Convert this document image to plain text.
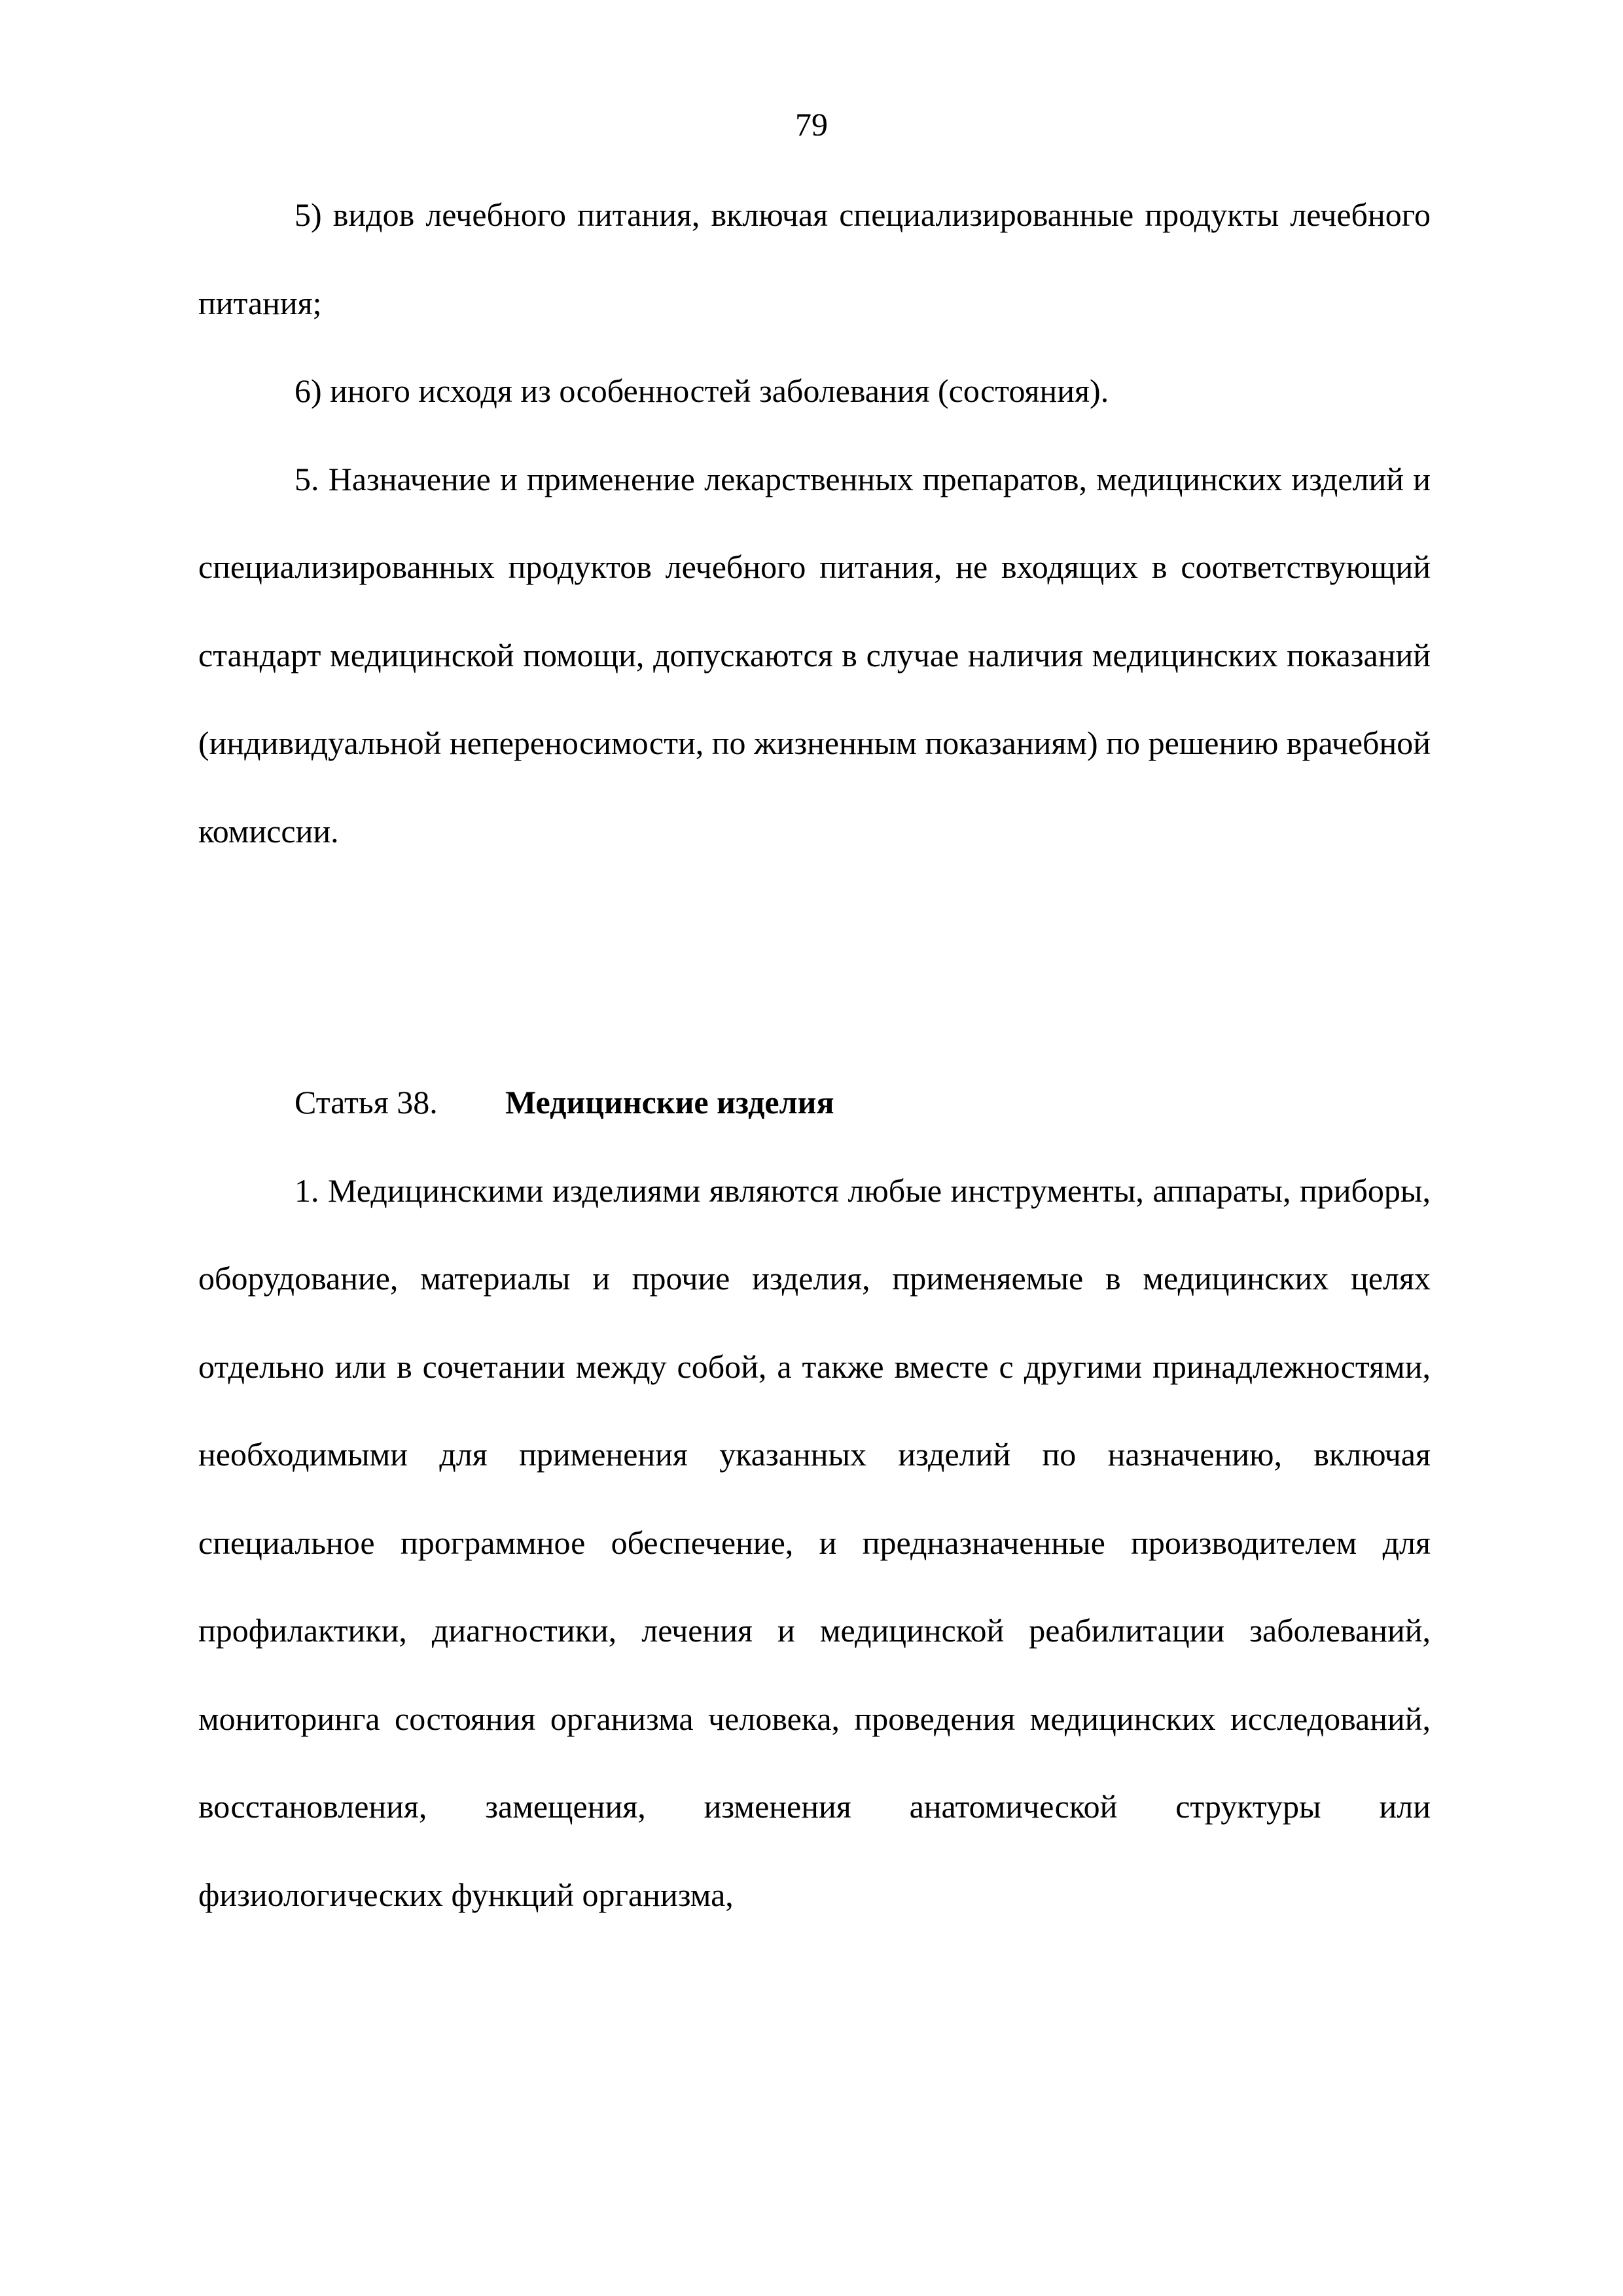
79

5) видов лечебного питания, включая специализированные продукты лечебного питания;

6) иного исходя из особенностей заболевания (состояния).

5. Назначение и применение лекарственных препаратов, медицинских изделий и специализированных продуктов лечебного питания, не входящих в соответствующий стандарт медицинской помощи, допускаются в случае наличия медицинских показаний (индивидуальной непереносимости, по жизненным показаниям) по решению врачебной комиссии.

Статья 38. Медицинские изделия

1. Медицинскими изделиями являются любые инструменты, аппараты, приборы, оборудование, материалы и прочие изделия, применяемые в медицинских целях отдельно или в сочетании между собой, а также вместе с другими принадлежностями, необходимыми для применения указанных изделий по назначению, включая специальное программное обеспечение, и предназначенные производителем для профилактики, диагностики, лечения и медицинской реабилитации заболеваний, мониторинга состояния организма человека, проведения медицинских исследований, восстановления, замещения, изменения анатомической структуры или физиологических функций организма,
